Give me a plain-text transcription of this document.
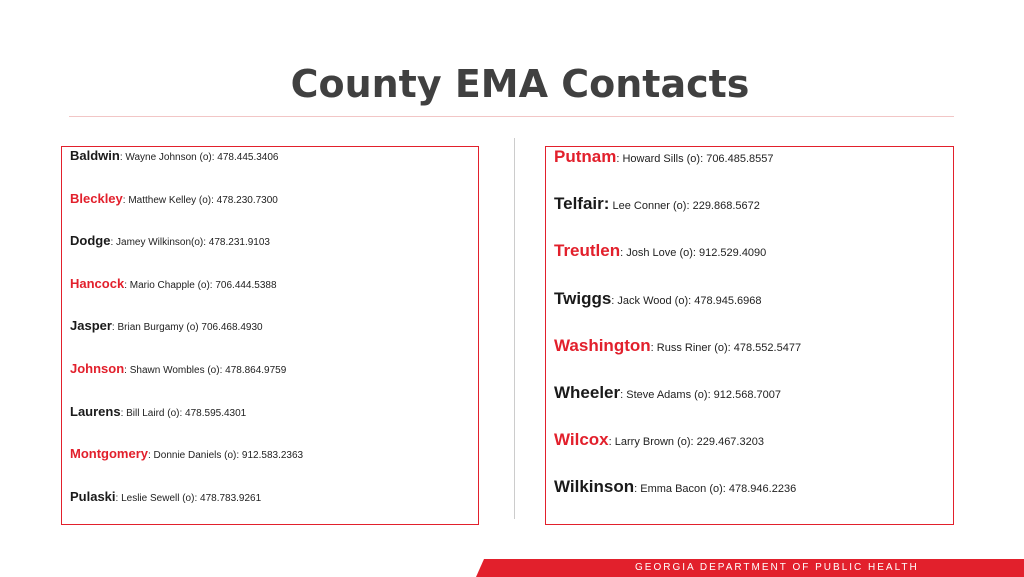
County EMA Contacts
Baldwin: Wayne Johnson (o): 478.445.3406
Bleckley: Matthew Kelley (o): 478.230.7300
Dodge: Jamey Wilkinson(o): 478.231.9103
Hancock: Mario Chapple (o): 706.444.5388
Jasper: Brian Burgamy (o) 706.468.4930
Johnson: Shawn Wombles (o): 478.864.9759
Laurens: Bill Laird (o): 478.595.4301
Montgomery: Donnie Daniels (o): 912.583.2363
Pulaski: Leslie Sewell (o): 478.783.9261
Putnam: Howard Sills (o): 706.485.8557
Telfair: Lee Conner (o): 229.868.5672
Treutlen: Josh Love (o): 912.529.4090
Twiggs: Jack Wood (o): 478.945.6968
Washington: Russ Riner (o): 478.552.5477
Wheeler: Steve Adams (o): 912.568.7007
Wilcox: Larry Brown (o): 229.467.3203
Wilkinson: Emma Bacon (o): 478.946.2236
GEORGIA DEPARTMENT OF PUBLIC HEALTH
